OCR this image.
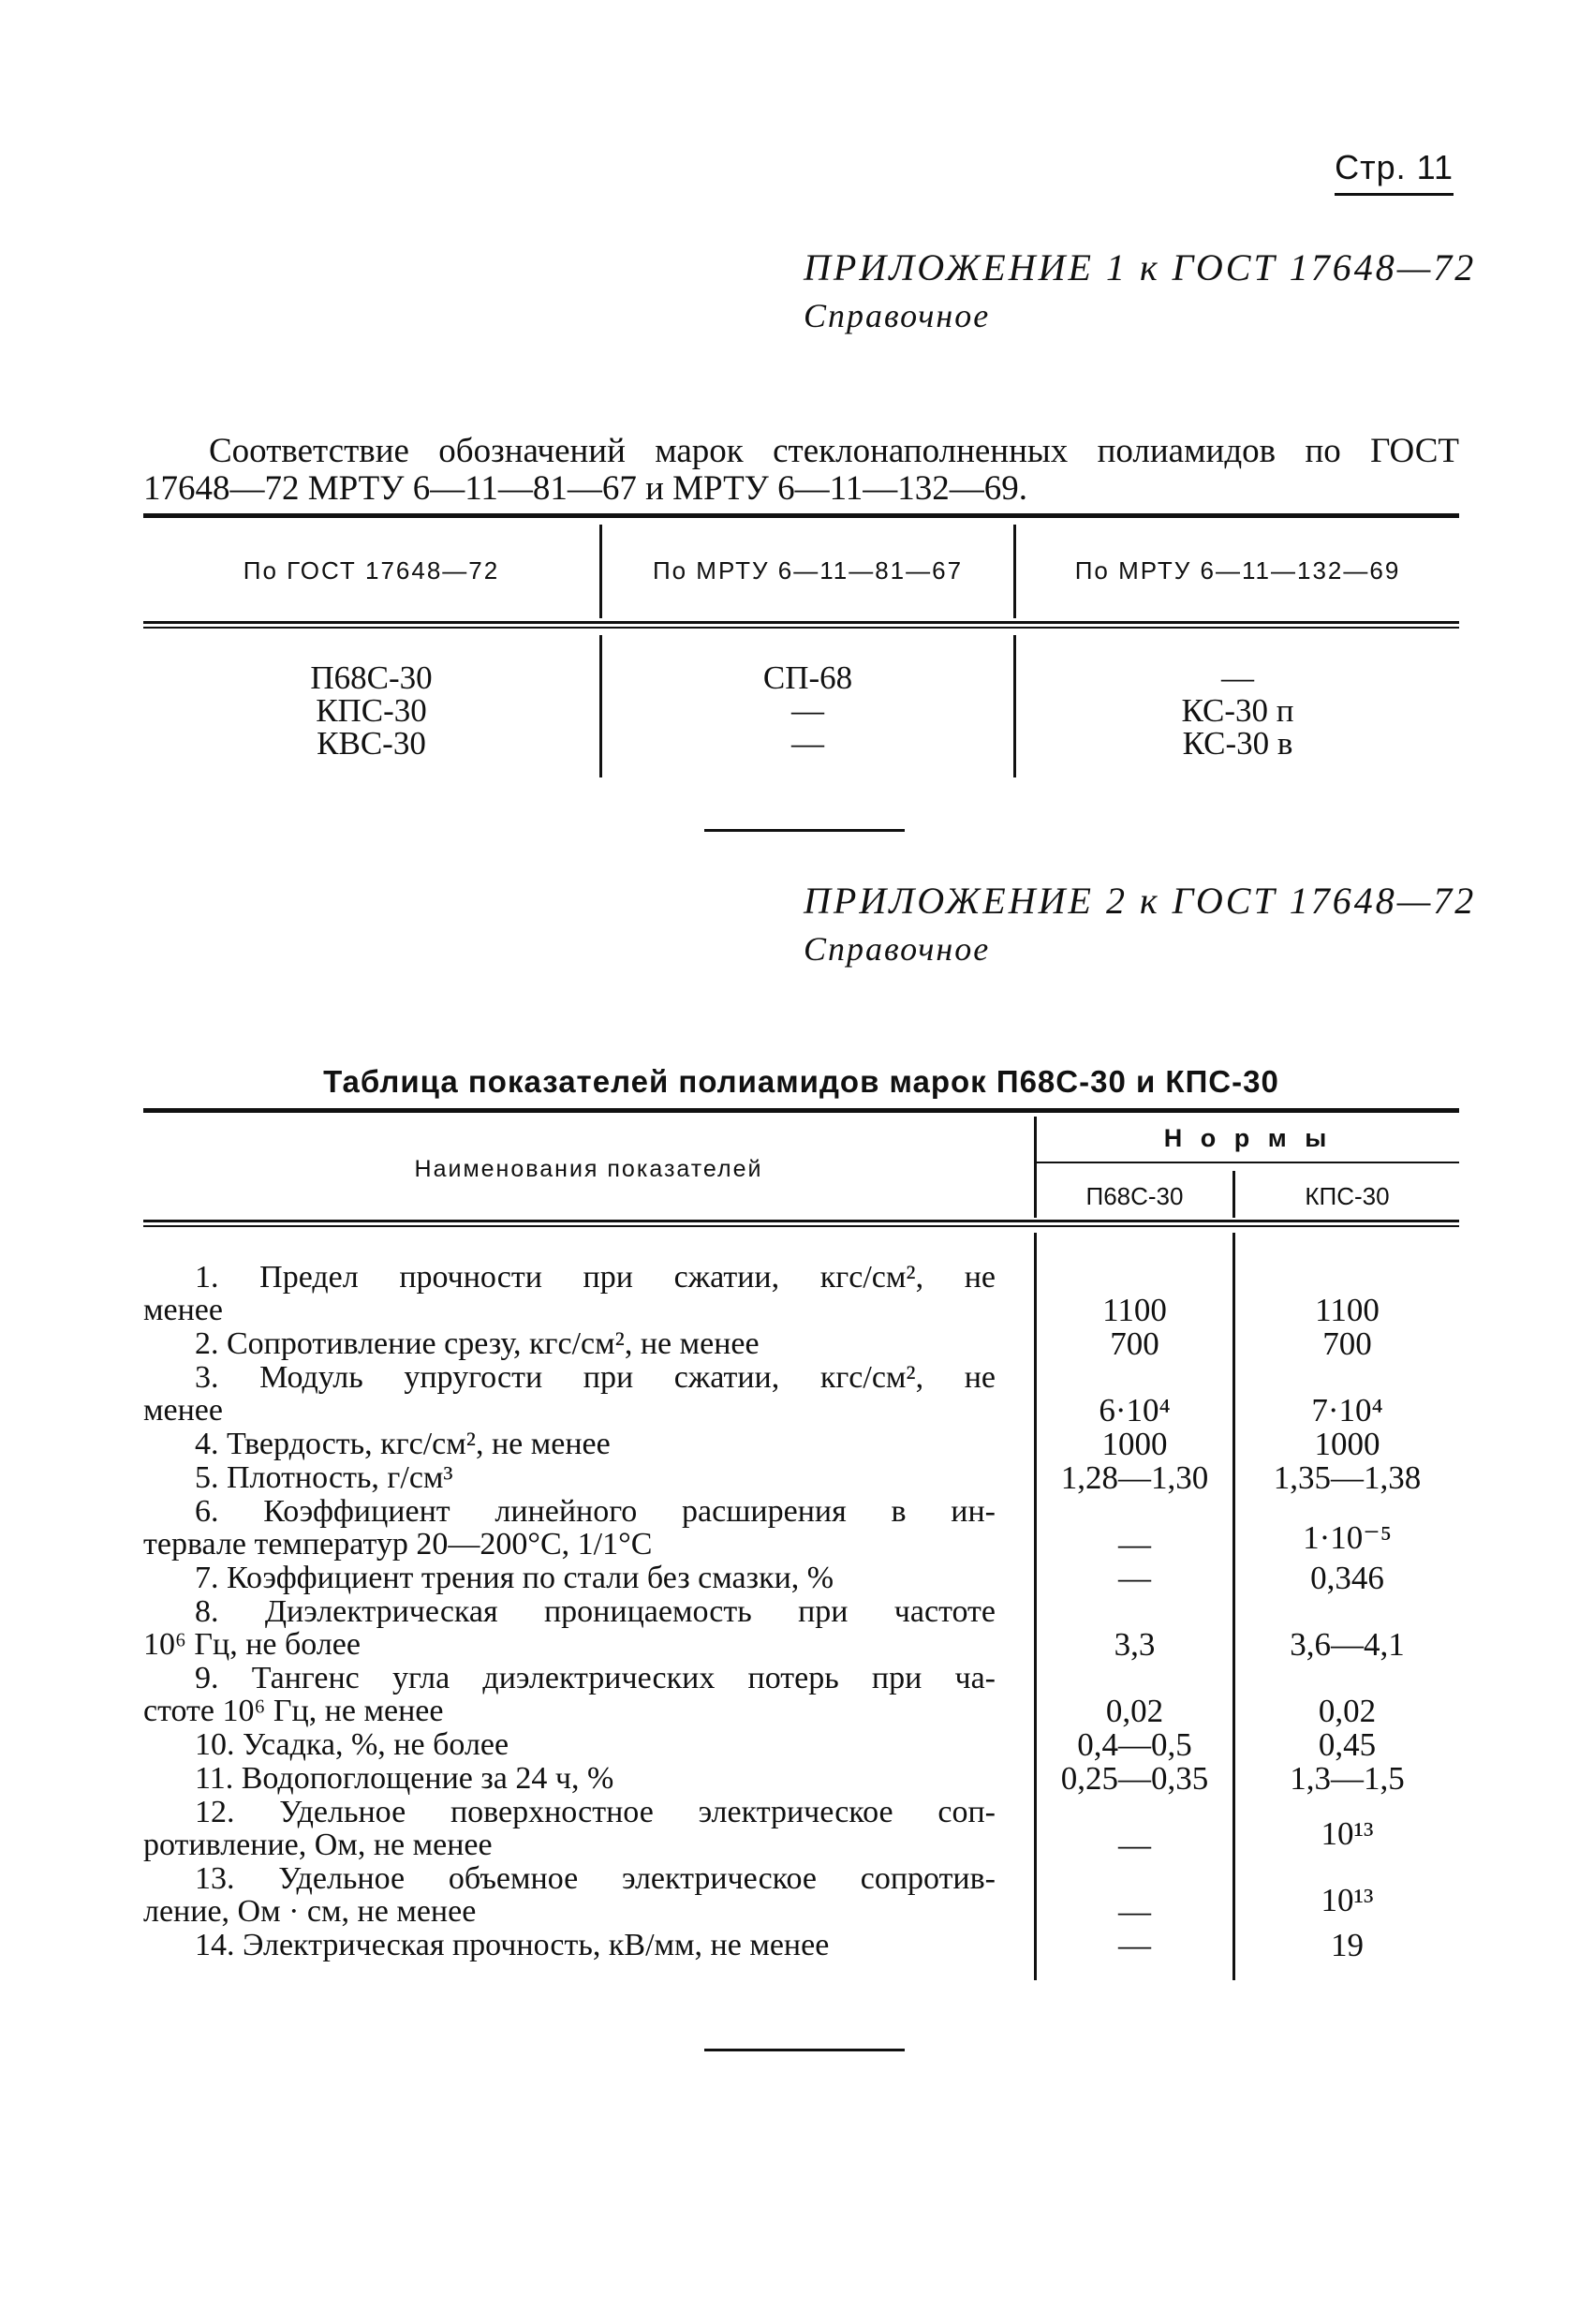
Стр. 11
ПРИЛОЖЕНИЕ 1 к ГОСТ 17648—72
Справочное
Соответствие обозначений марок стеклонаполненных полиамидов по ГОСТ
17648—72 МРТУ 6—11—81—67 и МРТУ 6—11—132—69.
По ГОСТ 17648—72	По МРТУ 6—11—81—67	По МРТУ 6—11—132—69
П68С-30	СП-68	—
КПС-30	—	КС-30 п
КВС-30	—	КС-30 в
ПРИЛОЖЕНИЕ 2 к ГОСТ 17648—72
Справочное
Таблица показателей полиамидов марок П68С-30 и КПС-30
Наименования показателей
Н о р м ы
П68С-30	КПС-30
1. Предел прочности при сжатии, кгс/см², не
менее	1100	1100
2. Сопротивление срезу, кгс/см², не менее	700	700
3. Модуль упругости при сжатии, кгс/см², не
менее	6·10⁴	7·10⁴
4. Твердость, кгс/см², не менее	1000	1000
5. Плотность, г/см³	1,28—1,30	1,35—1,38
6. Коэффициент линейного расширения в ин-
тервале температур 20—200°С, 1/1°С	—	1·10⁻⁵
7. Коэффициент трения по стали без смазки, %	—	0,346
8. Диэлектрическая проницаемость при частоте
10⁶ Гц, не более	3,3	3,6—4,1
9. Тангенс угла диэлектрических потерь при ча-
стоте 10⁶ Гц, не менее	0,02	0,02
10. Усадка, %, не более	0,4—0,5	0,45
11. Водопоглощение за 24 ч, %	0,25—0,35	1,3—1,5
12. Удельное поверхностное электрическое соп-
ротивление, Ом, не менее	—	10¹³
13. Удельное объемное электрическое сопротив-
ление, Ом · см, не менее	—	10¹³
14. Электрическая прочность, кВ/мм, не менее	—	19
